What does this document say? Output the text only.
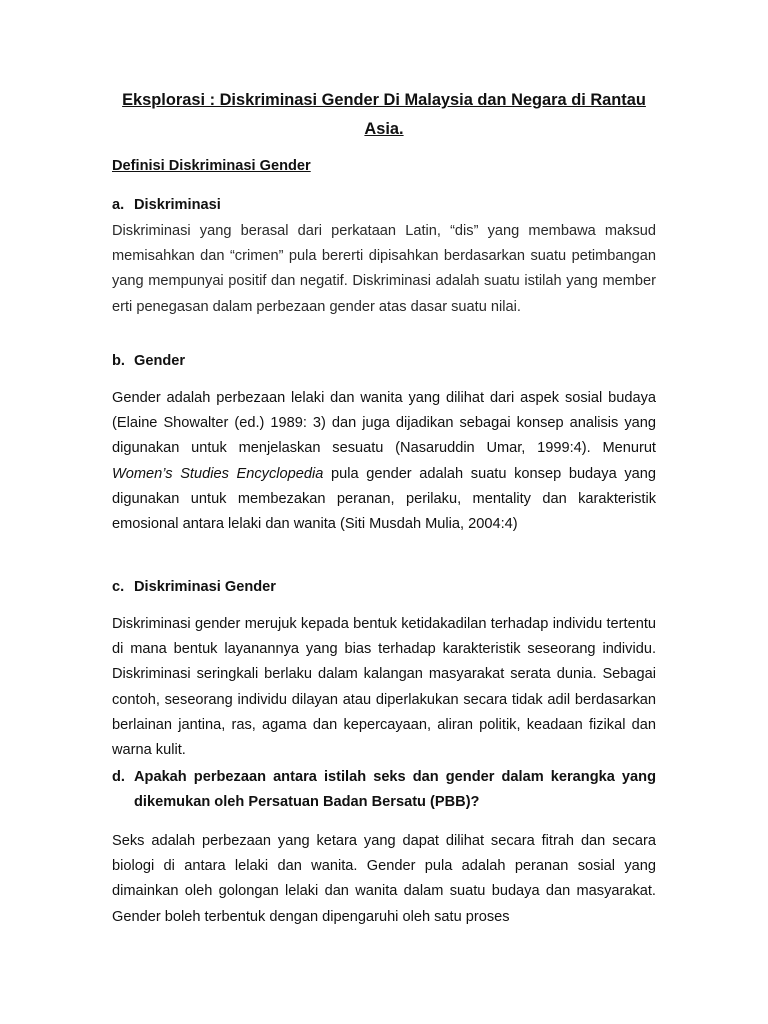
Eksplorasi : Diskriminasi Gender Di Malaysia dan Negara di Rantau Asia.
Definisi Diskriminasi Gender
a. Diskriminasi

Diskriminasi yang berasal dari perkataan Latin, “dis” yang membawa maksud memisahkan dan “crimen” pula bererti dipisahkan berdasarkan suatu petimbangan yang mempunyai positif dan negatif. Diskriminasi adalah suatu istilah yang member erti penegasan dalam perbezaan gender atas dasar suatu nilai.

b. Gender

Gender adalah perbezaan lelaki dan wanita yang dilihat dari aspek sosial budaya (Elaine Showalter (ed.) 1989: 3) dan juga dijadikan sebagai konsep analisis yang digunakan untuk menjelaskan sesuatu (Nasaruddin Umar, 1999:4). Menurut Women’s Studies Encyclopedia pula gender adalah suatu konsep budaya yang digunakan untuk membezakan peranan, perilaku, mentality dan karakteristik emosional antara lelaki dan wanita (Siti Musdah Mulia, 2004:4)

c. Diskriminasi Gender

Diskriminasi gender merujuk kepada bentuk ketidakadilan terhadap individu tertentu di mana bentuk layanannya yang bias terhadap karakteristik seseorang individu. Diskriminasi seringkali berlaku dalam kalangan masyarakat serata dunia. Sebagai contoh, seseorang individu dilayan atau diperlakukan secara tidak adil berdasarkan berlainan jantina, ras, agama dan kepercayaan, aliran politik, keadaan fizikal dan warna kulit.

d. Apakah perbezaan antara istilah seks dan gender dalam kerangka yang dikemukan oleh Persatuan Badan Bersatu (PBB)?

Seks adalah perbezaan yang ketara yang dapat dilihat secara fitrah dan secara biologi di antara lelaki dan wanita. Gender pula adalah peranan sosial yang dimainkan oleh golongan lelaki dan wanita dalam suatu budaya dan masyarakat. Gender boleh terbentuk dengan dipengaruhi oleh satu proses
